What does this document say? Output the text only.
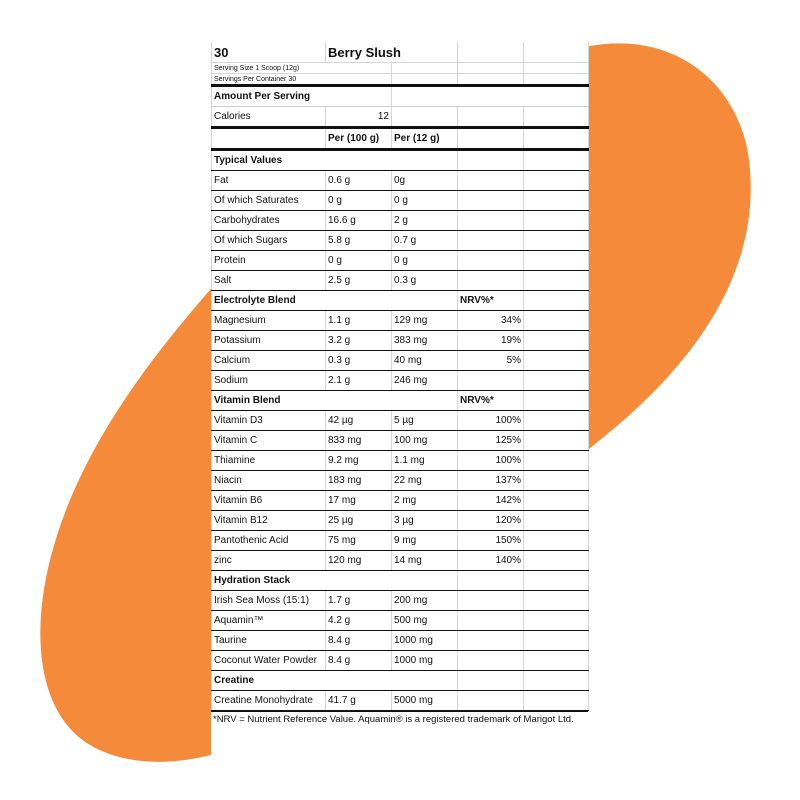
30	Berry Slush			
Serving Size 1 Scoop (12g)				
Servings Per Container 30				
Amount Per Serving				
Calories	12			
	Per (100 g)	Per (12 g)		
Typical Values				
Fat	0.6 g	0g		
Of which Saturates	0 g	0 g		
Carbohydrates	16.6 g	2 g		
Of which Sugars	5.8 g	0.7 g		
Protein	0 g	0 g		
Salt	2.5 g	0.3 g		
Electrolyte Blend			NRV%*	
Magnesium	1.1 g	129 mg	34%	
Potassium	3.2 g	383 mg	19%	
Calcium	0.3 g	40 mg	5%	
Sodium	2.1 g	246 mg		
Vitamin Blend			NRV%*	
Vitamin D3	42 µg	5 µg	100%	
Vitamin C	833 mg	100 mg	125%	
Thiamine	9.2 mg	1.1 mg	100%	
Niacin	183 mg	22 mg	137%	
Vitamin B6	17 mg	2 mg	142%	
Vitamin B12	25 µg	3 µg	120%	
Pantothenic Acid	75 mg	9 mg	150%	
zinc	120 mg	14 mg	140%	
Hydration Stack				
Irish Sea Moss (15:1)	1.7 g	200 mg		
Aquamin™	4.2 g	500 mg		
Taurine	8.4 g	1000 mg		
Coconut Water Powder	8.4 g	1000 mg		
Creatine				
Creatine Monohydrate	41.7 g	5000 mg		
*NRV = Nutrient Reference Value. Aquamin® is a registered trademark of Marigot Ltd.
